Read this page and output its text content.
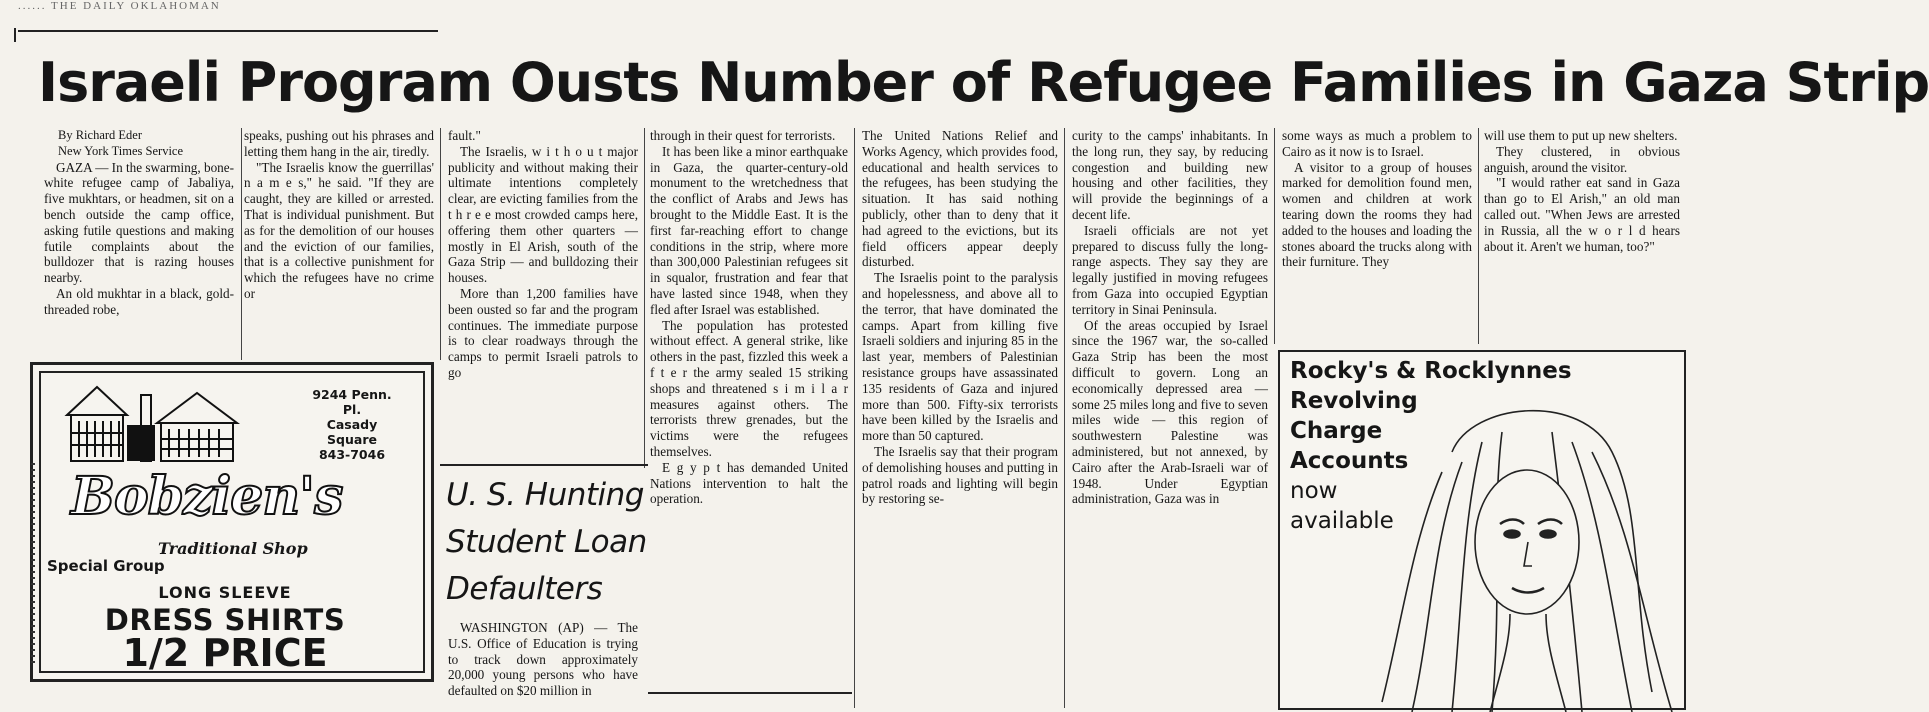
...... THE DAILY OKLAHOMAN
Israeli Program Ousts Number of Refugee Families in Gaza Strip

By Richard Eder

New York Times Service

GAZA — In the swarming, bone-white refugee camp of Jabaliya, five mukhtars, or headmen, sit on a bench outside the camp office, asking futile questions and making futile complaints about the bulldozer that is razing houses nearby.

An old mukhtar in a black, gold-threaded robe,

speaks, pushing out his phrases and letting them hang in the air, tiredly.

"The Israelis know the guerrillas' n a m e s," he said. "If they are caught, they are killed or arrested. That is individual punishment. But as for the demolition of our houses and the eviction of our families, that is a collective punishment for which the refugees have no crime or

fault."

The Israelis, w i t h o u t major publicity and without making their ultimate intentions completely clear, are evicting families from the t h r e e most crowded camps here, offering them other quarters — mostly in El Arish, south of the Gaza Strip — and bulldozing their houses.

More than 1,200 families have been ousted so far and the program continues. The immediate purpose is to clear roadways through the camps to permit Israeli patrols to go

through in their quest for terrorists.

It has been like a minor earthquake in Gaza, the quarter-century-old monument to the wretchedness that the conflict of Arabs and Jews has brought to the Middle East. It is the first far-reaching effort to change conditions in the strip, where more than 300,000 Palestinian refugees sit in squalor, frustration and fear that have lasted since 1948, when they fled after Israel was established.

The population has protested without effect. A general strike, like others in the past, fizzled this week a f t e r the army sealed 15 striking shops and threatened s i m i l a r measures against others. The terrorists threw grenades, but the victims were the refugees themselves.

E g y p t has demanded United Nations intervention to halt the operation.

The United Nations Relief and Works Agency, which provides food, educational and health services to the refugees, has been studying the situation. It has said nothing publicly, other than to deny that it had agreed to the evictions, but its field officers appear deeply disturbed.

The Israelis point to the paralysis and hopelessness, and above all to the terror, that have dominated the camps. Apart from killing five Israeli soldiers and injuring 85 in the last year, members of Palestinian resistance groups have assassinated 135 residents of Gaza and injured more than 500. Fifty-six terrorists have been killed by the Israelis and more than 50 captured.

The Israelis say that their program of demolishing houses and putting in patrol roads and lighting will begin by restoring se-

curity to the camps' inhabitants. In the long run, they say, by reducing congestion and building new housing and other facilities, they will provide the beginnings of a decent life.

Israeli officials are not yet prepared to discuss fully the long-range aspects. They say they are legally justified in moving refugees from Gaza into occupied Egyptian territory in Sinai Peninsula.

Of the areas occupied by Israel since the 1967 war, the so-called Gaza Strip has been the most difficult to govern. Long an economically depressed area — some 25 miles long and five to seven miles wide — this region of southwestern Palestine was administered, but not annexed, by Cairo after the Arab-Israeli war of 1948. Under Egyptian administration, Gaza was in

some ways as much a problem to Cairo as it now is to Israel.

A visitor to a group of houses marked for demolition found men, women and children at work tearing down the rooms they had added to the houses and loading the stones aboard the trucks along with their furniture. They

will use them to put up new shelters.

They clustered, in obvious anguish, around the visitor.

"I would rather eat sand in Gaza than go to El Arish," an old man called out. "When Jews are arrested in Russia, all the w o r l d hears about it. Aren't we human, too?"

9244 Penn. Pl.
Casady Square
843-7046
Bobzien's
Traditional Shop
Special Group
LONG SLEEVE
DRESS SHIRTS
1/2 PRICE
U. S. Hunting
Student Loan
Defaulters

WASHINGTON (AP) — The U.S. Office of Education is trying to track down approximately 20,000 young persons who have defaulted on $20 million in

Rocky's & Rocklynnes
Revolving
Charge
Accounts
now
available
